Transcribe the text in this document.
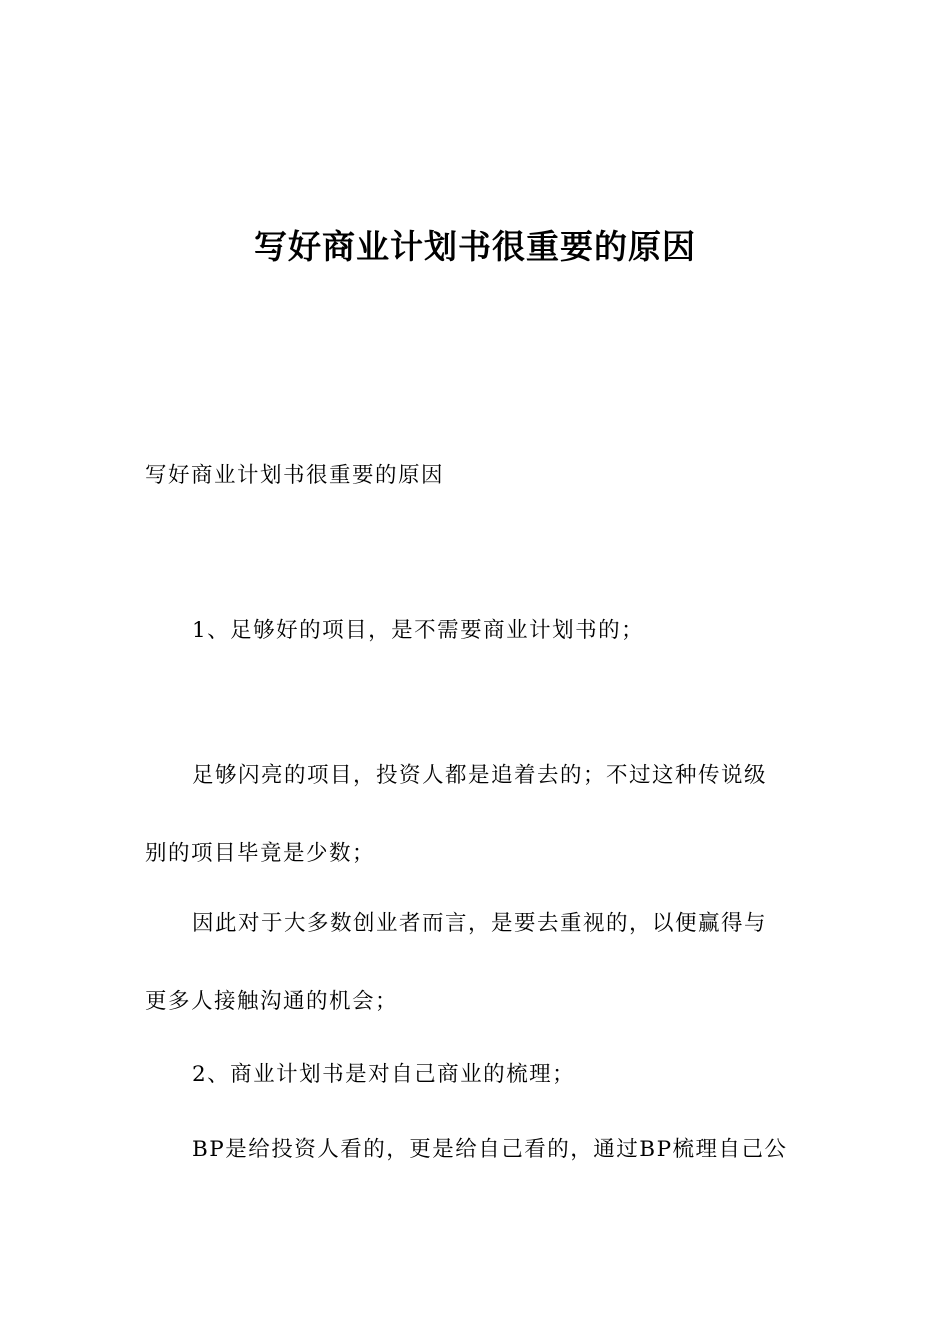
写好商业计划书很重要的原因

写好商业计划书很重要的原因

1、足够好的项目，是不需要商业计划书的；

足够闪亮的项目，投资人都是追着去的；不过这种传说级
别的项目毕竟是少数；

因此对于大多数创业者而言，是要去重视的，以便赢得与
更多人接触沟通的机会；

2、商业计划书是对自己商业的梳理；

BP是给投资人看的，更是给自己看的，通过BP梳理自己公
